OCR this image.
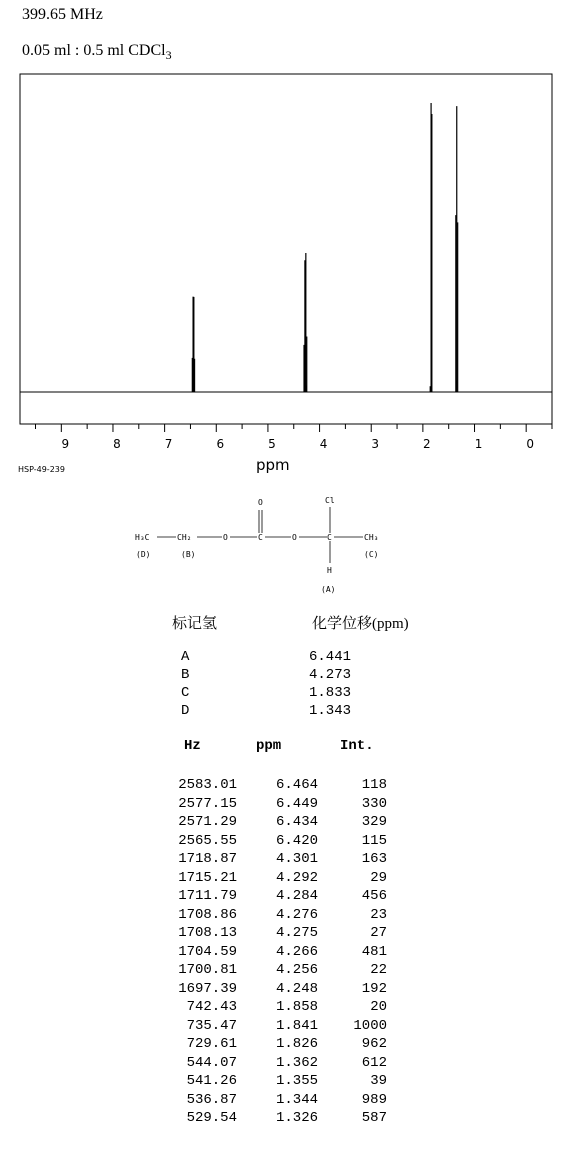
399.65 MHz
0.05 ml : 0.5 ml CDCl$_3$
9	8	7	6	5	4	3	2	1	0
HSP-49-239	ppm
H₃C	CH₂	O	C
O
O	C
Cl
CH₃
H
(D)	(B)	(C)
(A)
标记氢	化学位移(ppm)
A	6.441
B	4.273
C	1.833
D	1.343
Hz	ppm	Int.
2583.01	6.464	118
2577.15	6.449	330
2571.29	6.434	329
2565.55	6.420	115
1718.87	4.301	163
1715.21	4.292	29
1711.79	4.284	456
1708.86	4.276	23
1708.13	4.275	27
1704.59	4.266	481
1700.81	4.256	22
1697.39	4.248	192
742.43	1.858	20
735.47	1.841	1000
729.61	1.826	962
544.07	1.362	612
541.26	1.355	39
536.87	1.344	989
529.54	1.326	587
